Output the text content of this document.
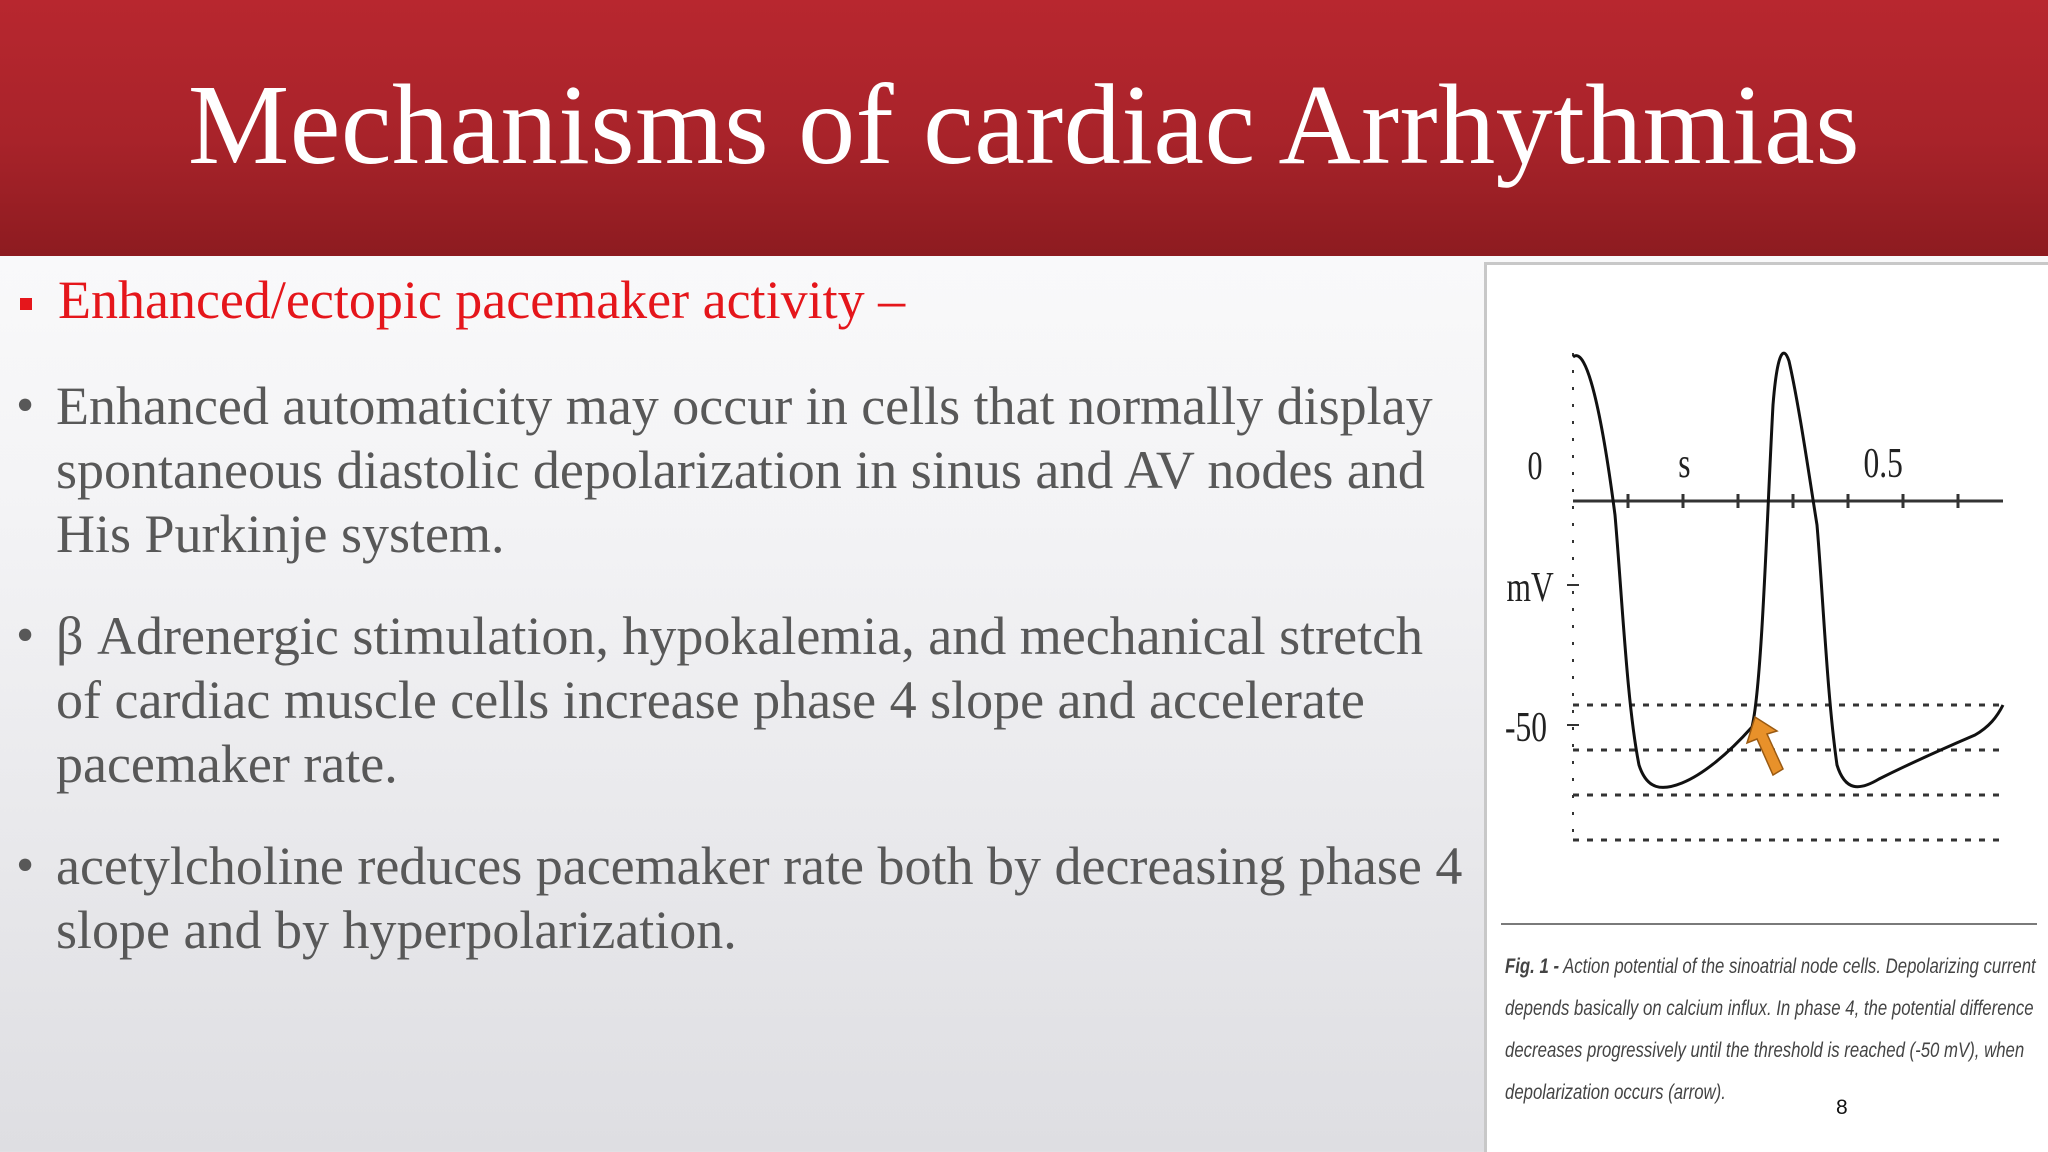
Mechanisms of cardiac Arrhythmias
Enhanced/ectopic pacemaker activity –
• Enhanced automaticity may occur in cells that normally display spontaneous diastolic depolarization in sinus and AV nodes and His Purkinje system.
• β Adrenergic stimulation, hypokalemia, and mechanical stretch of cardiac muscle cells increase phase 4 slope and accelerate pacemaker rate.
• acetylcholine reduces pacemaker rate both by decreasing phase 4 slope and by hyperpolarization.
0
mV
-50
s	0.5
Fig. 1 - Action potential of the sinoatrial node cells. Depolarizing current depends basically on calcium influx. In phase 4, the potential difference decreases progressively until the threshold is reached (-50 mV), when depolarization occurs (arrow).
8
